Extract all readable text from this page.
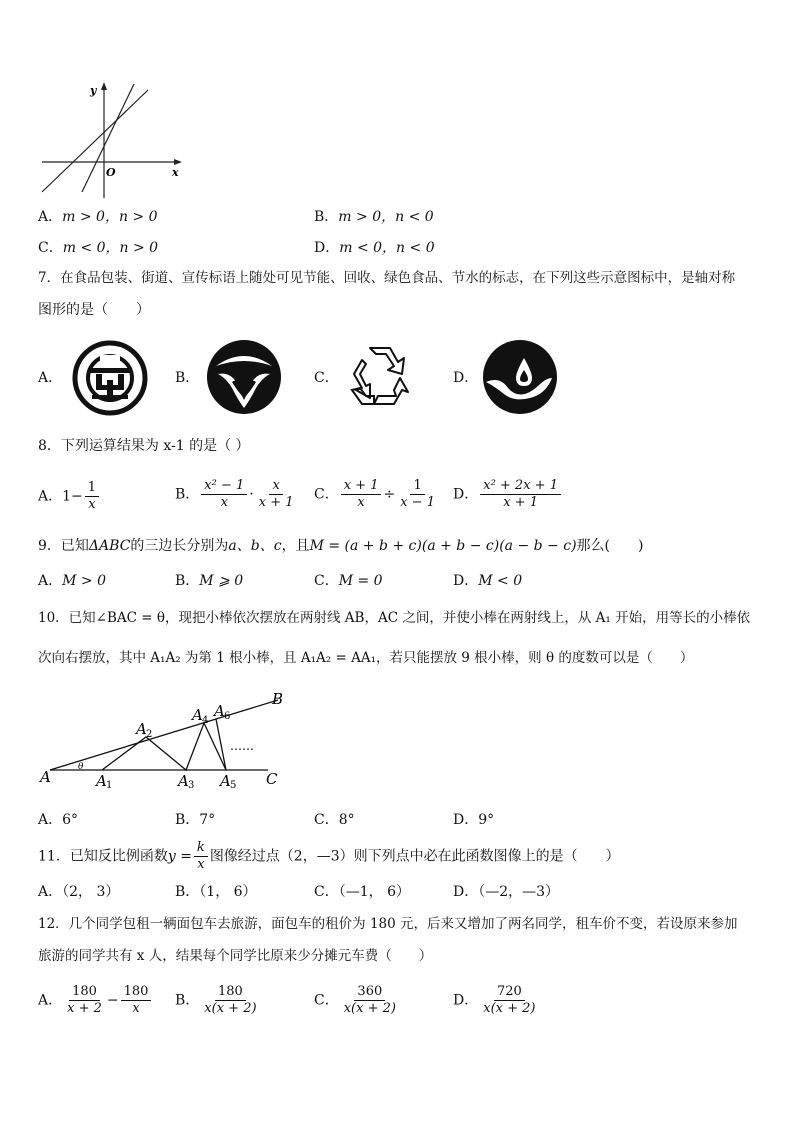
y
x
O
A．m > 0，n > 0	B．m > 0，n < 0
C．m < 0，n > 0	D．m < 0，n < 0
7．在食品包装、街道、宣传标语上随处可见节能、回收、绿色食品、节水的标志，在下列这些示意图标中，是轴对称
图形的是（　　）
A．	B．	C．	D．
8．下列运算结果为 x-1 的是（ ）
A．$1- \frac{1}{x}$	B． $\frac{\text{x² − 1}}{x} \cdot \frac{x}{x + 1}$ C． $\frac{x + 1}{x} \div \frac{1}{x - 1}$ D． $\frac{\text{x² + 2x + 1}}{x + 1}$
9．已知ΔABC的三边长分别为a、b、c，且M = (a + b + c)(a + b − c)(a − b − c)那么(　　)
A．M > 0	B．M ⩾ 0	C．M = 0	D．M < 0
10．已知∠BAC = θ，现把小棒依次摆放在两射线 AB，AC 之间，并使小棒在两射线上，从 A₁ 开始，用等长的小棒依
次向右摆放，其中 A₁A₂ 为第 1 根小棒，且 A₁A₂ = AA₁，若只能摆放 9 根小棒，则 θ 的度数可以是（　　）
……
θ
A B C A A A A A A
1 2 3 4 5 6
A．6°	B．7°	C．8°	D．9°
11．已知反比例函数$y = \frac{k}{x}$ 图像经过点（2，—3）则下列点中必在此函数图像上的是（　　）
A．（2， 3）	B．（1， 6）	C．（—1， 6）	D．（—2，—3）
12．几个同学包租一辆面包车去旅游，面包车的租价为 180 元，后来又增加了两名同学，租车价不变，若设原来参加
旅游的同学共有 x 人，结果每个同学比原来少分摊元车费（　　）
A． $\frac{180}{x + 2} - \frac{180}{x}$ B． $\frac{180}{x(x + 2)}$	C． $\frac{360}{x(x + 2)}$	D． $\frac{720}{x(x + 2)}$
